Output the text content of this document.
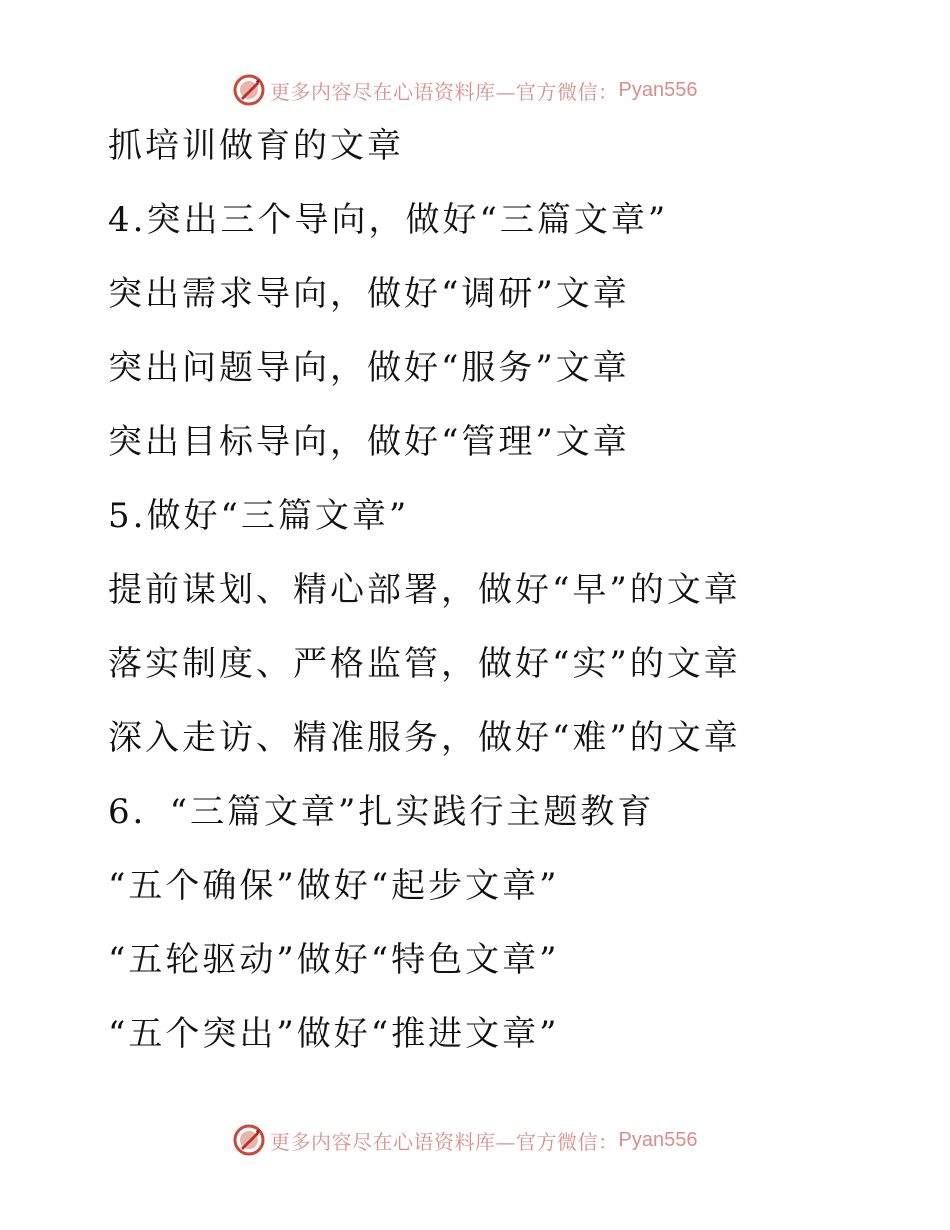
更多内容尽在心语资料库—官方微信： Pyan556
抓培训做育的文章
4.突出三个导向，做好“三篇文章”
突出需求导向，做好“调研”文章
突出问题导向，做好“服务”文章
突出目标导向，做好“管理”文章
5.做好“三篇文章”
提前谋划、精心部署，做好“早”的文章
落实制度、严格监管，做好“实”的文章
深入走访、精准服务，做好“难”的文章
6．“三篇文章”扎实践行主题教育
“五个确保”做好“起步文章”
“五轮驱动”做好“特色文章”
“五个突出”做好“推进文章”
更多内容尽在心语资料库—官方微信： Pyan556
